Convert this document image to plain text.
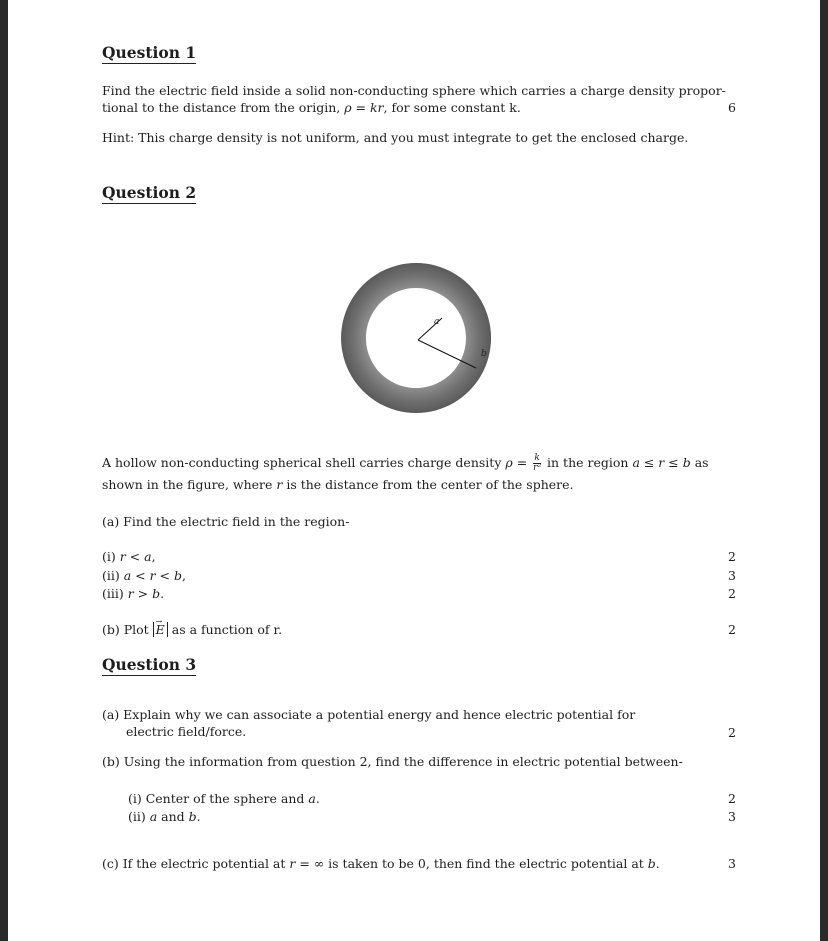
Question 1
Find the electric field inside a solid non-conducting sphere which carries a charge density propor-
tional to the distance from the origin, ρ = kr, for some constant k.	6
Hint: This charge density is not uniform, and you must integrate to get the enclosed charge.
Question 2
a
b
A hollow non-conducting spherical shell carries charge density $\rho = \frac{k}{\text{r²}}$ in the region a ≤ r ≤ b as
shown in the figure, where r is the distance from the center of the sphere.
(a) Find the electric field in the region-
(i) r < a,	2
(ii) a < r < b,	3
(iii) r > b.	2
(b) Plot → E as a function of r.	2
Question 3
(a) Explain why we can associate a potential energy and hence electric potential for
electric field/force.	2
(b) Using the information from question 2, find the difference in electric potential between-
(i) Center of the sphere and a.	2
(ii) a and b.	3
(c) If the electric potential at r = ∞ is taken to be 0, then find the electric potential at b.	3
